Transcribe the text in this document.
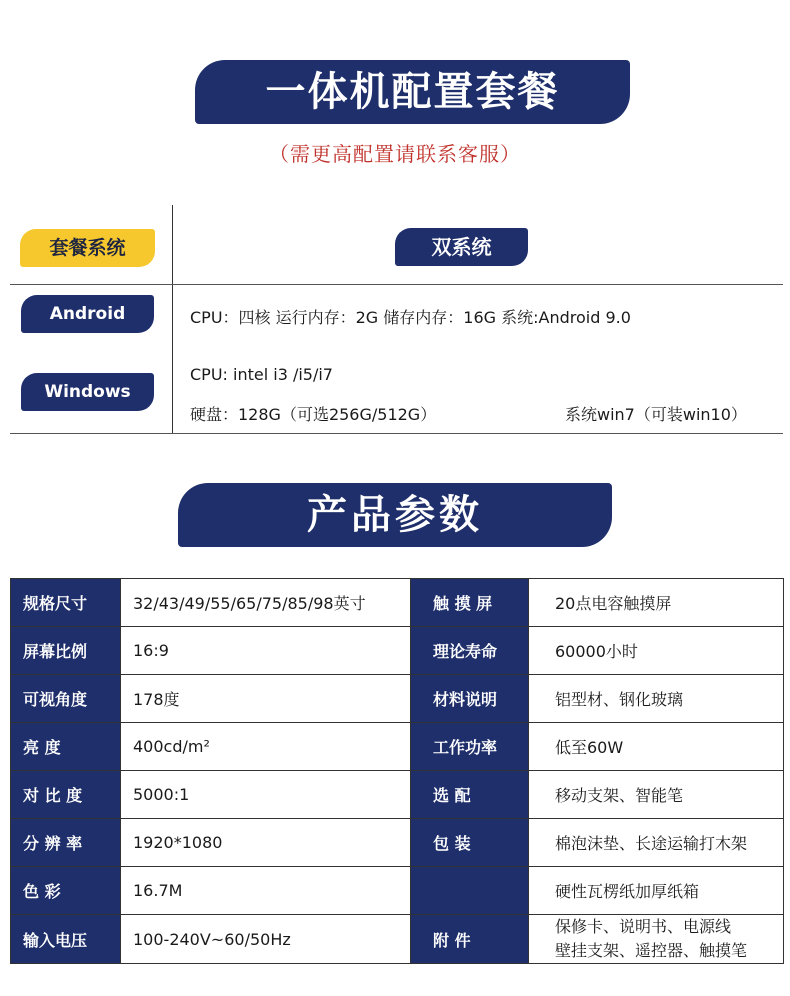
一体机配置套餐
（需更高配置请联系客服）
套餐系统	双系统
Android	CPU：四核 运行内存：2G 储存内存：16G 系统:Android 9.0
Windows
CPU: intel i3 /i5/i7
硬盘：128G（可选256G/512G）	系统win7（可装win10）
产品参数
规格尺寸	32/43/49/55/65/75/85/98英寸	触 摸 屏	20点电容触摸屏
屏幕比例	16:9	理论寿命	60000小时
可视角度	178度	材料说明	铝型材、钢化玻璃
亮 度	400cd/m²	工作功率	低至60W
对 比 度	5000:1	选 配	移动支架、智能笔
分 辨 率	1920*1080	包 装	棉泡沫垫、长途运输打木架
色 彩	16.7M		硬性瓦楞纸加厚纸箱
输入电压	100-240V~60/50Hz	附 件	保修卡、说明书、电源线
壁挂支架、遥控器、触摸笔
